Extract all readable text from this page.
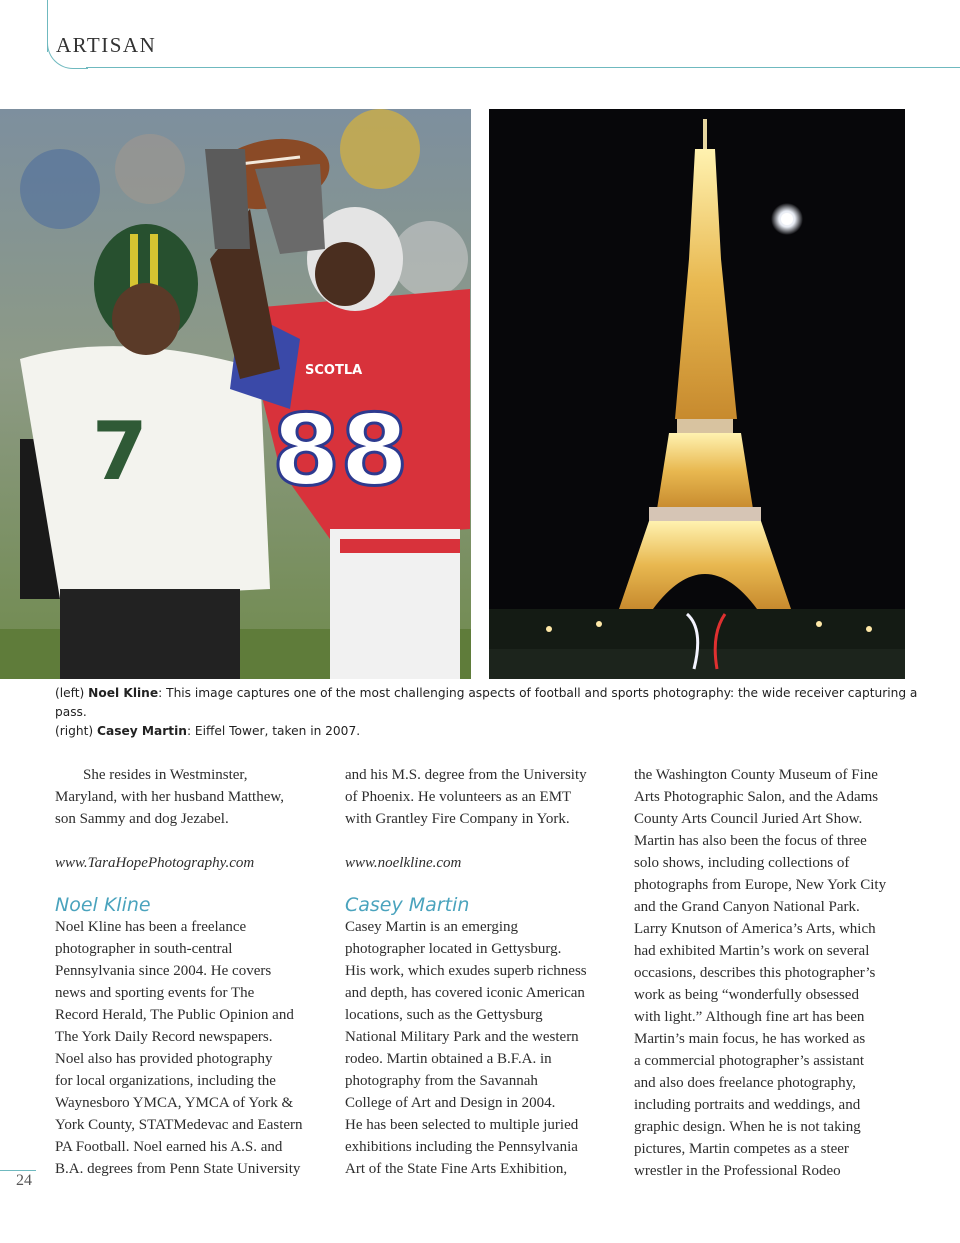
ARTISAN
7 88
SCOTLA
(left) Noel Kline: This image captures one of the most challenging aspects of football and sports photography: the wide receiver capturing a pass.
(right) Casey Martin: Eiffel Tower, taken in 2007.

She resides in Westminster,

Maryland, with her husband Matthew,

son Sammy and dog Jezabel.

www.TaraHopePhotography.com

Noel Kline

Noel Kline has been a freelance

photographer in south-central

Pennsylvania since 2004. He covers

news and sporting events for The

Record Herald, The Public Opinion and

The York Daily Record newspapers.

Noel also has provided photography

for local organizations, including the

Waynesboro YMCA, YMCA of York &

York County, STATMedevac and Eastern

PA Football. Noel earned his A.S. and

B.A. degrees from Penn State University

and his M.S. degree from the University

of Phoenix. He volunteers as an EMT

with Grantley Fire Company in York.

www.noelkline.com

Casey Martin

Casey Martin is an emerging

photographer located in Gettysburg.

His work, which exudes superb richness

and depth, has covered iconic American

locations, such as the Gettysburg

National Military Park and the western

rodeo. Martin obtained a B.F.A. in

photography from the Savannah

College of Art and Design in 2004.

He has been selected to multiple juried

exhibitions including the Pennsylvania

Art of the State Fine Arts Exhibition,

the Washington County Museum of Fine

Arts Photographic Salon, and the Adams

County Arts Council Juried Art Show.

Martin has also been the focus of three

solo shows, including collections of

photographs from Europe, New York City

and the Grand Canyon National Park.

Larry Knutson of America’s Arts, which

had exhibited Martin’s work on several

occasions, describes this photographer’s

work as being “wonderfully obsessed

with light.” Although fine art has been

Martin’s main focus, he has worked as

a commercial photographer’s assistant

and also does freelance photography,

including portraits and weddings, and

graphic design. When he is not taking

pictures, Martin competes as a steer

wrestler in the Professional Rodeo

24
